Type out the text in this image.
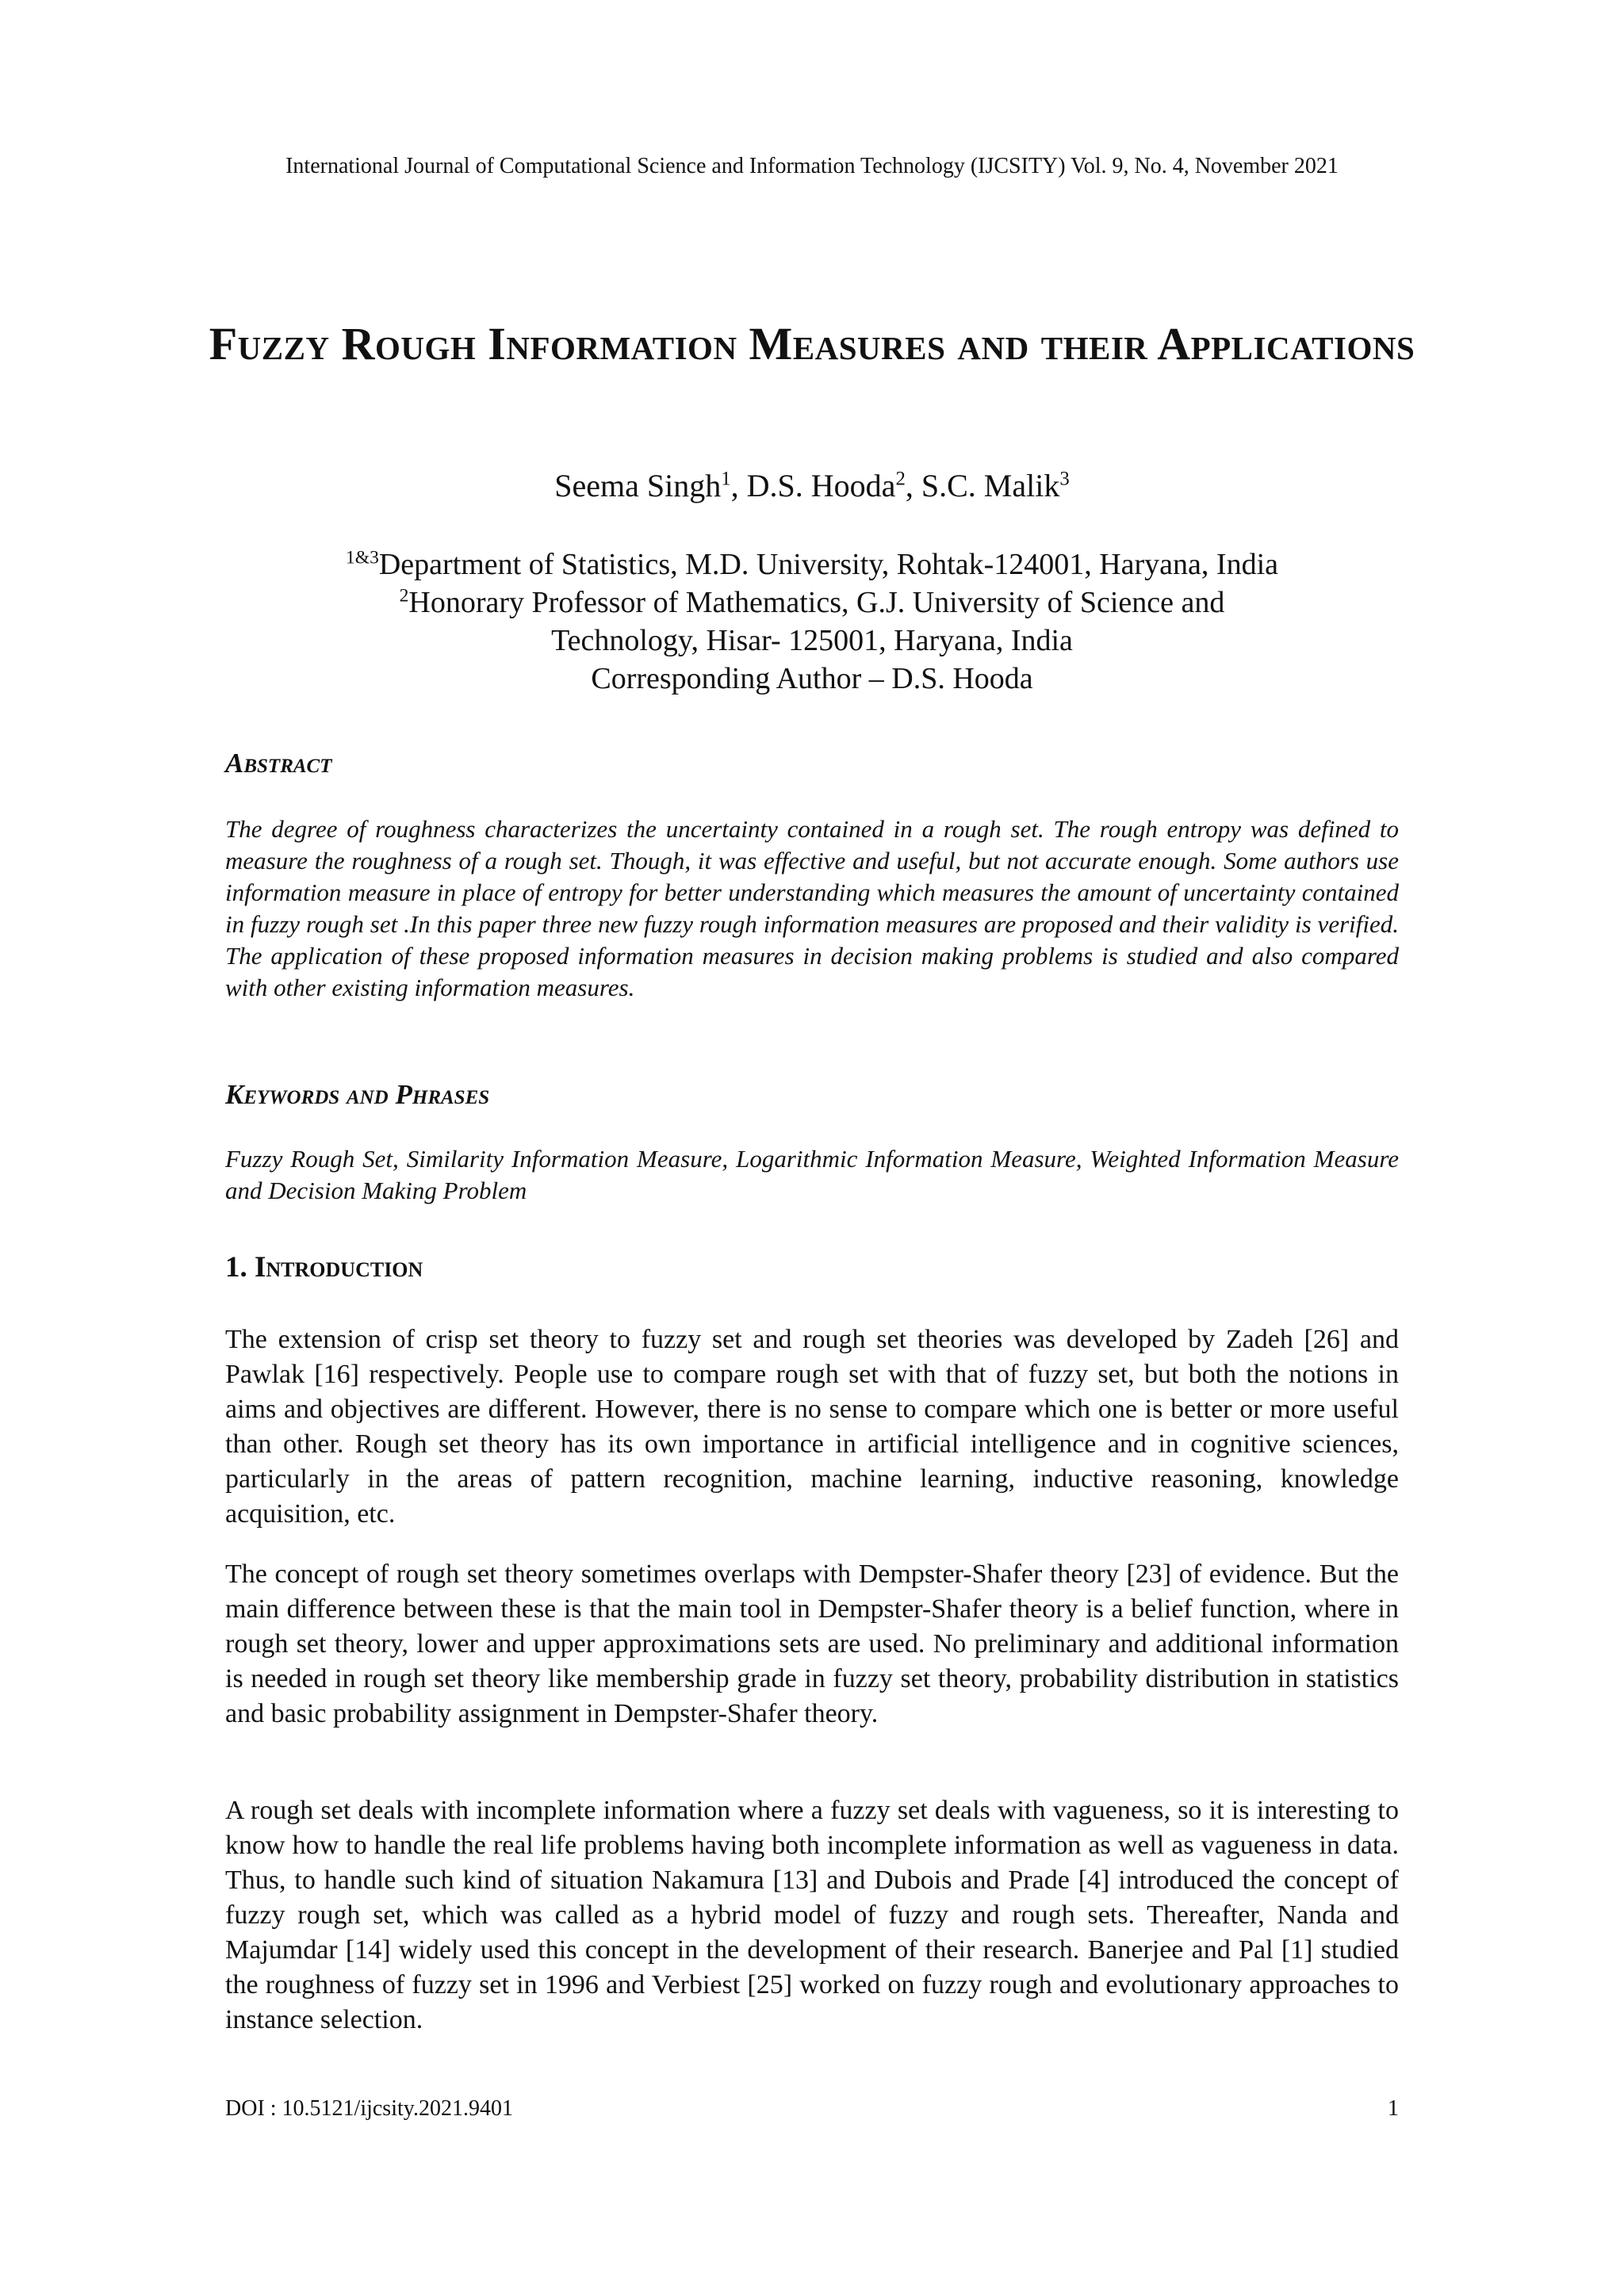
International Journal of Computational Science and Information Technology (IJCSITY) Vol. 9, No. 4, November 2021
Fuzzy Rough Information Measures and their Applications
Seema Singh$^1$, D.S. Hooda$^2$, S.C. Malik$^3$
$^{1\&3}$Department of Statistics, M.D. University, Rohtak-124001, Haryana, India
$^2$Honorary Professor of Mathematics, G.J. University of Science and
Technology, Hisar- 125001, Haryana, India
Corresponding Author – D.S. Hooda
Abstract

The degree of roughness characterizes the uncertainty contained in a rough set. The rough entropy was defined to measure the roughness of a rough set. Though, it was effective and useful, but not accurate enough. Some authors use information measure in place of entropy for better understanding which measures the amount of uncertainty contained in fuzzy rough set .In this paper three new fuzzy rough information measures are proposed and their validity is verified. The application of these proposed information measures in decision making problems is studied and also compared with other existing information measures.

Keywords and Phrases

Fuzzy Rough Set, Similarity Information Measure, Logarithmic Information Measure, Weighted Information Measure and Decision Making Problem

1. Introduction

The extension of crisp set theory to fuzzy set and rough set theories was developed by Zadeh [26] and Pawlak [16] respectively. People use to compare rough set with that of fuzzy set, but both the notions in aims and objectives are different. However, there is no sense to compare which one is better or more useful than other. Rough set theory has its own importance in artificial intelligence and in cognitive sciences, particularly in the areas of pattern recognition, machine learning, inductive reasoning, knowledge acquisition, etc.

The concept of rough set theory sometimes overlaps with Dempster-Shafer theory [23] of evidence. But the main difference between these is that the main tool in Dempster-Shafer theory is a belief function, where in rough set theory, lower and upper approximations sets are used. No preliminary and additional information is needed in rough set theory like membership grade in fuzzy set theory, probability distribution in statistics and basic probability assignment in Dempster-Shafer theory.

A rough set deals with incomplete information where a fuzzy set deals with vagueness, so it is interesting to know how to handle the real life problems having both incomplete information as well as vagueness in data. Thus, to handle such kind of situation Nakamura [13] and Dubois and Prade [4] introduced the concept of fuzzy rough set, which was called as a hybrid model of fuzzy and rough sets. Thereafter, Nanda and Majumdar [14] widely used this concept in the development of their research. Banerjee and Pal [1] studied the roughness of fuzzy set in 1996 and Verbiest [25] worked on fuzzy rough and evolutionary approaches to instance selection.

DOI : 10.5121/ijcsity.2021.9401	1
